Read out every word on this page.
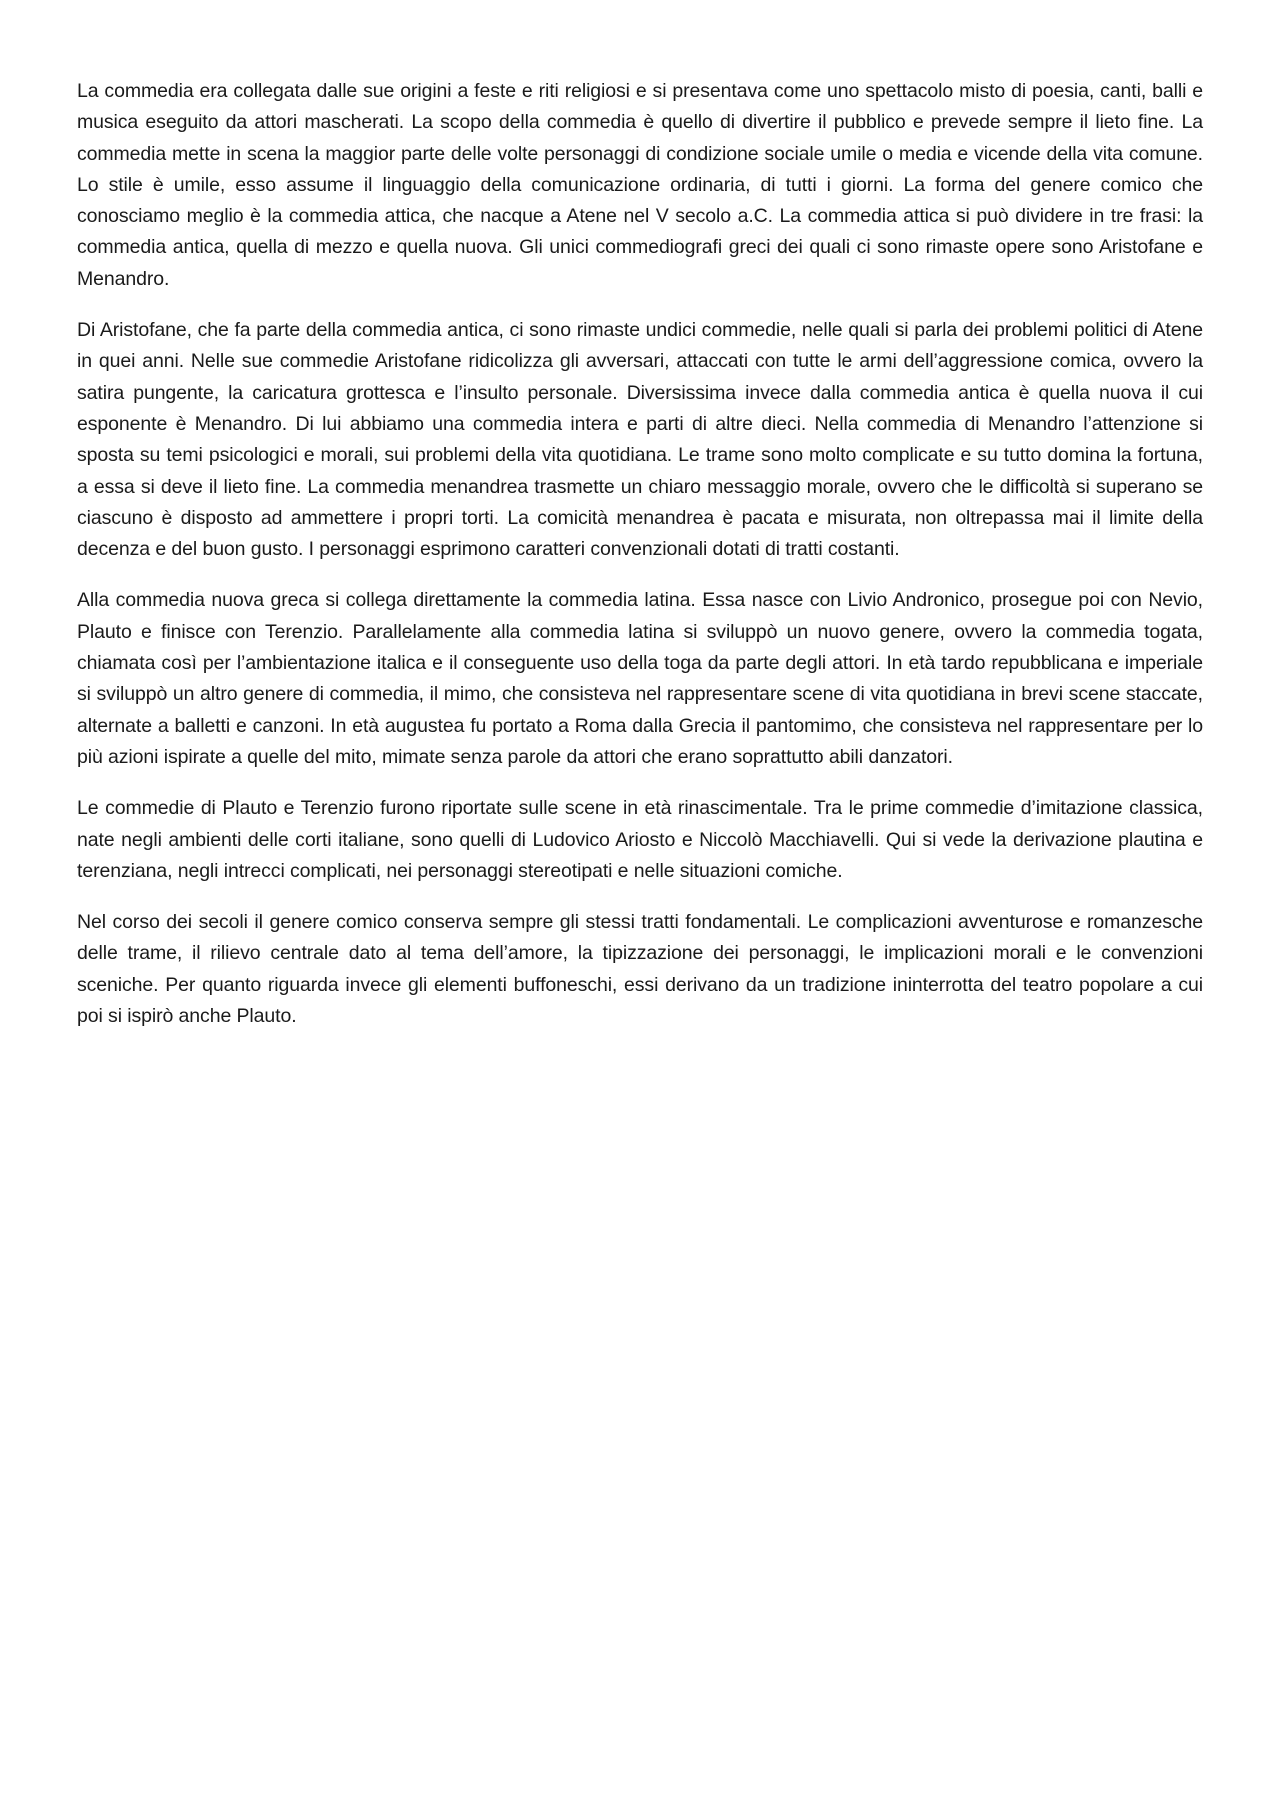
La commedia era collegata dalle sue origini a feste e riti religiosi e si presentava come uno spettacolo misto di poesia, canti, balli e musica eseguito da attori mascherati. La scopo della commedia è quello di divertire il pubblico e prevede sempre il lieto fine. La commedia mette in scena la maggior parte delle volte personaggi di condizione sociale umile o media e vicende della vita comune. Lo stile è umile, esso assume il linguaggio della comunicazione ordinaria, di tutti i giorni. La forma del genere comico che conosciamo meglio è la commedia attica, che nacque a Atene nel V secolo a.C. La commedia attica si può dividere in tre frasi: la commedia antica, quella di mezzo e quella nuova. Gli unici commediografi greci dei quali ci sono rimaste opere sono Aristofane e Menandro.

Di Aristofane, che fa parte della commedia antica, ci sono rimaste undici commedie, nelle quali si parla dei problemi politici di Atene in quei anni. Nelle sue commedie Aristofane ridicolizza gli avversari, attaccati con tutte le armi dell’aggressione comica, ovvero la satira pungente, la caricatura grottesca e l’insulto personale. Diversissima invece dalla commedia antica è quella nuova il cui esponente è Menandro. Di lui abbiamo una commedia intera e parti di altre dieci. Nella commedia di Menandro l’attenzione si sposta su temi psicologici e morali, sui problemi della vita quotidiana. Le trame sono molto complicate e su tutto domina la fortuna, a essa si deve il lieto fine. La commedia menandrea trasmette un chiaro messaggio morale, ovvero che le difficoltà si superano se ciascuno è disposto ad ammettere i propri torti. La comicità menandrea è pacata e misurata, non oltrepassa mai il limite della decenza e del buon gusto. I personaggi esprimono caratteri convenzionali dotati di tratti costanti.

Alla commedia nuova greca si collega direttamente la commedia latina. Essa nasce con Livio Andronico, prosegue poi con Nevio, Plauto e finisce con Terenzio. Parallelamente alla commedia latina si sviluppò un nuovo genere, ovvero la commedia togata, chiamata così per l’ambientazione italica e il conseguente uso della toga da parte degli attori. In età tardo repubblicana e imperiale si sviluppò un altro genere di commedia, il mimo, che consisteva nel rappresentare scene di vita quotidiana in brevi scene staccate, alternate a balletti e canzoni. In età augustea fu portato a Roma dalla Grecia il pantomimo, che consisteva nel rappresentare per lo più azioni ispirate a quelle del mito, mimate senza parole da attori che erano soprattutto abili danzatori.

Le commedie di Plauto e Terenzio furono riportate sulle scene in età rinascimentale. Tra le prime commedie d’imitazione classica, nate negli ambienti delle corti italiane, sono quelli di Ludovico Ariosto e Niccolò Macchiavelli. Qui si vede la derivazione plautina e terenziana, negli intrecci complicati, nei personaggi stereotipati e nelle situazioni comiche.

Nel corso dei secoli il genere comico conserva sempre gli stessi tratti fondamentali. Le complicazioni avventurose e romanzesche delle trame, il rilievo centrale dato al tema dell’amore, la tipizzazione dei personaggi, le implicazioni morali e le convenzioni sceniche. Per quanto riguarda invece gli elementi buffoneschi, essi derivano da un tradizione ininterrotta del teatro popolare a cui poi si ispirò anche Plauto.
